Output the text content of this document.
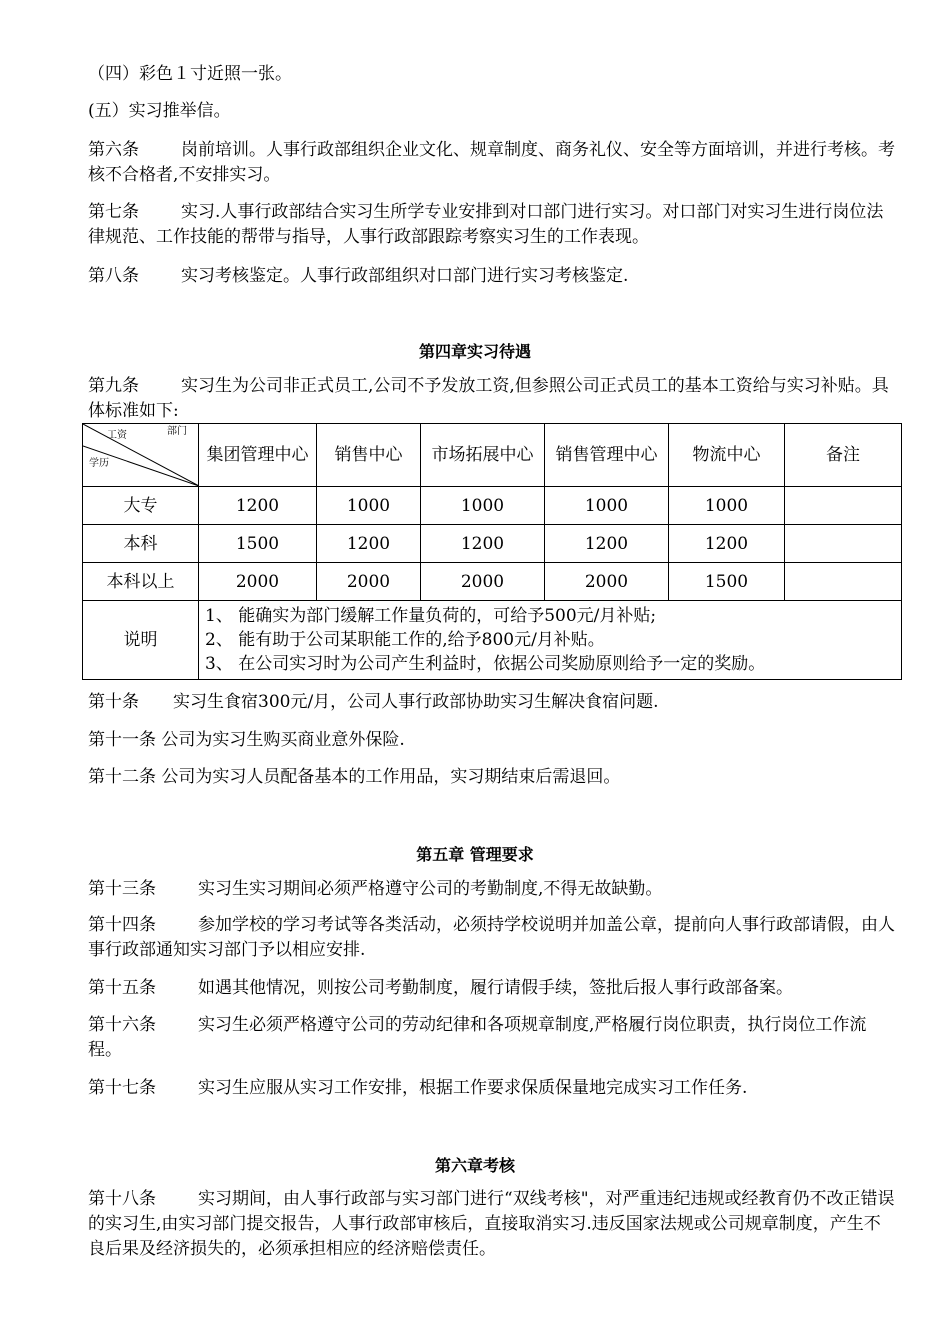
（四）彩色１寸近照一张。

(五）实习推举信。

第六条 岗前培训。人事行政部组织企业文化、规章制度、商务礼仪、安全等方面培训，并进行考核。考核不合格者,不安排实习。

第七条 实习.人事行政部结合实习生所学专业安排到对口部门进行实习。对口部门对实习生进行岗位法律规范、工作技能的帮带与指导，人事行政部跟踪考察实习生的工作表现。

第八条 实习考核鉴定。人事行政部组织对口部门进行实习考核鉴定.

第四章实习待遇

第九条 实习生为公司非正式员工,公司不予发放工资,但参照公司正式员工的基本工资给与实习补贴。具体标准如下:

部门
工资
学历	集团管理中心	销售中心	市场拓展中心	销售管理中心	物流中心	备注
大专	1200	1000	1000	1000	1000	
本科	1500	1200	1200	1200	1200	
本科以上	2000	2000	2000	2000	1500	
说明	1、 能确实为部门缓解工作量负荷的，可给予500元/月补贴;
2、 能有助于公司某职能工作的,给予800元/月补贴。
3、 在公司实习时为公司产生利益时，依据公司奖励原则给予一定的奖励。					

第十条　　实习生食宿300元/月，公司人事行政部协助实习生解决食宿问题.

第十一条 公司为实习生购买商业意外保险.

第十二条 公司为实习人员配备基本的工作用品，实习期结束后需退回。

第五章 管理要求

第十三条 实习生实习期间必须严格遵守公司的考勤制度,不得无故缺勤。

第十四条 参加学校的学习考试等各类活动，必须持学校说明并加盖公章，提前向人事行政部请假，由人事行政部通知实习部门予以相应安排.

第十五条 如遇其他情况，则按公司考勤制度，履行请假手续，签批后报人事行政部备案。

第十六条 实习生必须严格遵守公司的劳动纪律和各项规章制度,严格履行岗位职责，执行岗位工作流程。

第十七条 实习生应服从实习工作安排，根据工作要求保质保量地完成实习工作任务.

第六章考核

第十八条 实习期间，由人事行政部与实习部门进行“双线考核"，对严重违纪违规或经教育仍不改正错误的实习生,由实习部门提交报告，人事行政部审核后，直接取消实习.违反国家法规或公司规章制度，产生不良后果及经济损失的，必须承担相应的经济赔偿责任。
